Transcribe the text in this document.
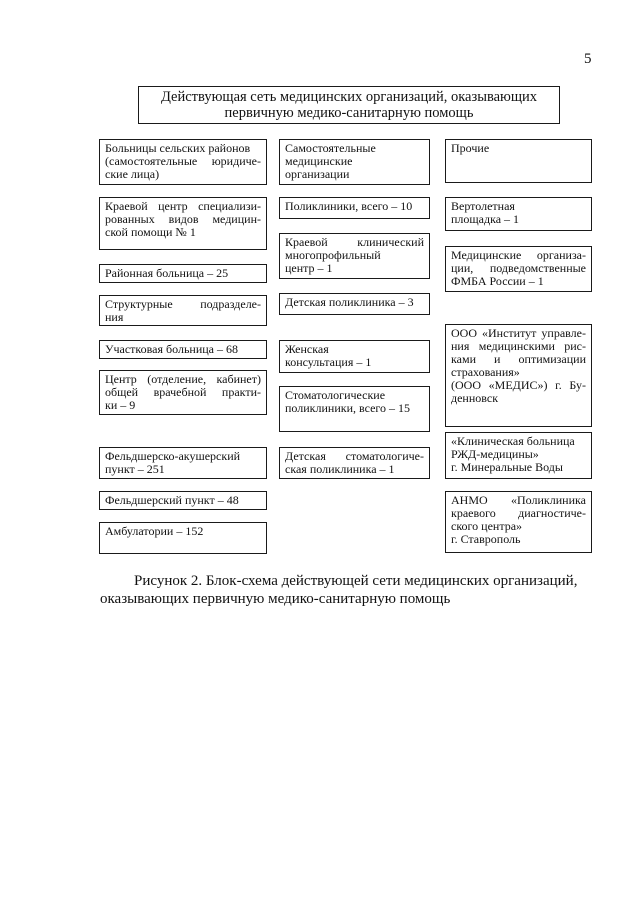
5
Действующая сеть медицинских организаций, оказывающих
первичную медико-санитарную помощь
Больницы сельских районов
(самостоятельные юридиче-
ские лица)
Краевой центр специализи-
рованных видов медицин-
ской помощи № 1
Районная больница – 25
Структурные подразделе-
ния
Участковая больница – 68
Центр (отделение, кабинет)
общей врачебной практи-
ки – 9
Фельдшерско-акушерский
пункт – 251
Фельдшерский пункт – 48
Амбулатории – 152
Самостоятельные
медицинские
организации
Поликлиники, всего – 10
Краевой клинический
многопрофильный
центр – 1
Детская поликлиника – 3
Женская
консультация – 1
Стоматологические
поликлиники, всего – 15
Детская стоматологиче-
ская поликлиника – 1
Прочие
Вертолетная
площадка – 1
Медицинские организа-
ции, подведомственные
ФМБА России – 1
ООО «Институт управле-
ния медицинскими рис-
ками и оптимизации
страхования»
(ООО «МЕДИС») г. Бу-
денновск
«Клиническая больница
РЖД-медицины»
г. Минеральные Воды
АНМО «Поликлиника
краевого диагностиче-
ского центра»
г. Ставрополь
Рисунок 2. Блок-схема действующей сети медицинских организаций,
оказывающих первичную медико-санитарную помощь
